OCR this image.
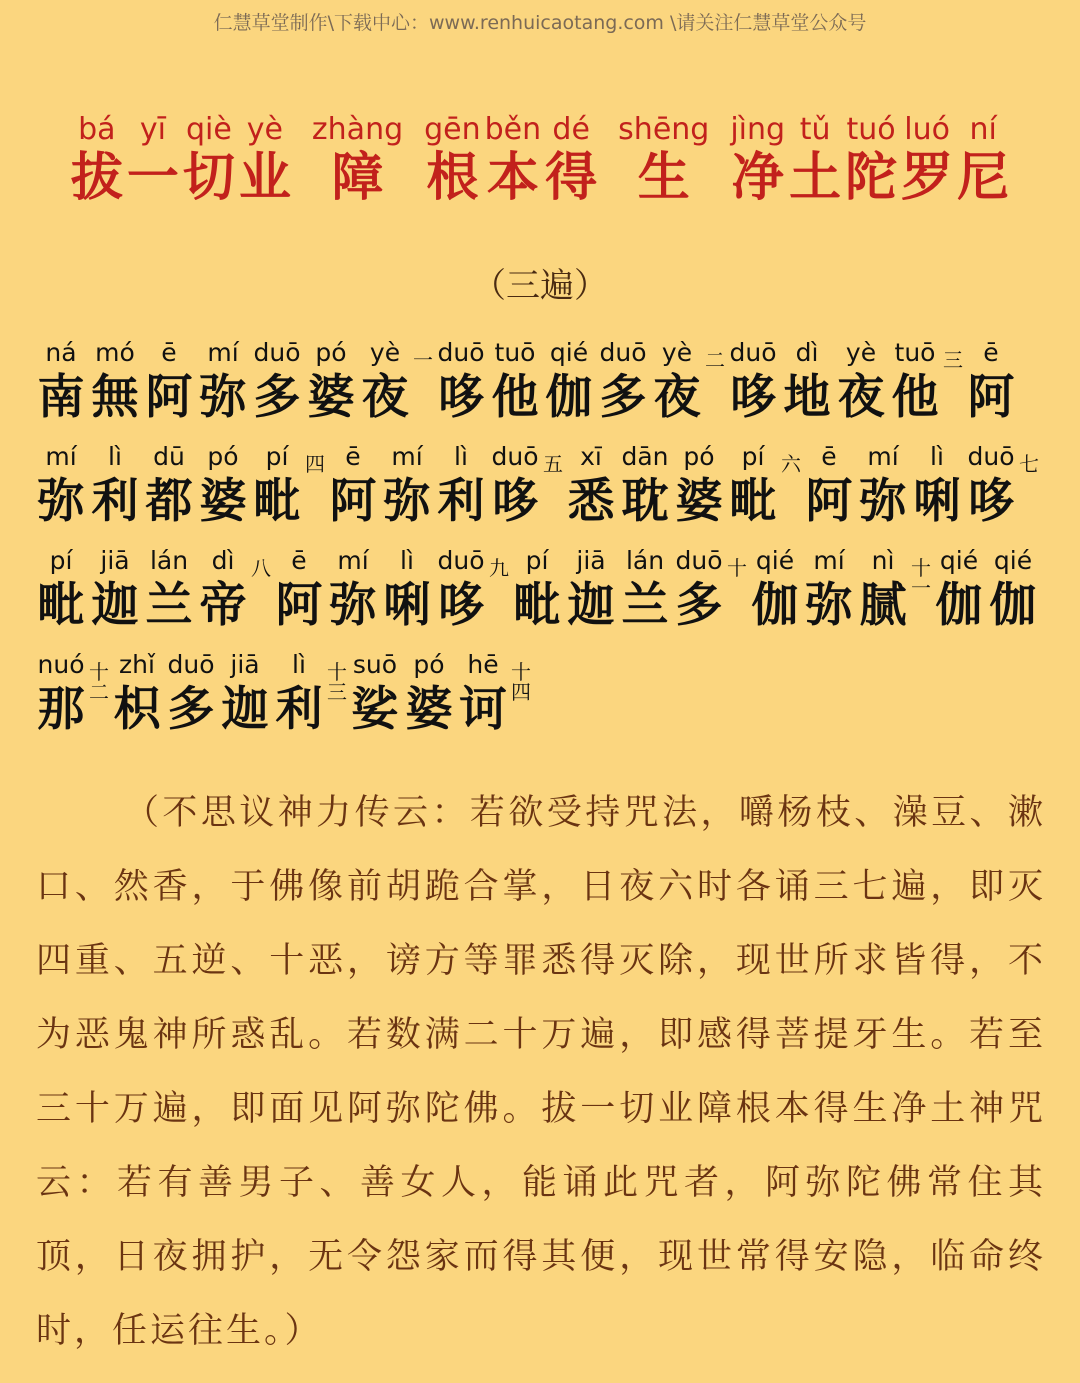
仁慧草堂制作\下载中心：www.renhuicaotang.com \请关注仁慧草堂公众号
bá
拔
yī
一
qiè
切
yè
业
zhàng
障
gēn
根
běn
本
dé
得
shēng
生
jìng
净
tǔ
土
tuó
陀
luó
罗
ní
尼
（三遍）
ná
南
mó
無
ē
阿
mí
弥
duō
多
pó
婆
yè
夜
一 duō
哆
tuō
他
qié
伽
duō
多
yè
夜
二 duō
哆
dì
地
yè
夜
tuō
他
三 ē
阿
mí
弥
lì
利
dū
都
pó
婆
pí
毗
四 ē
阿
mí
弥
lì
利
duō
哆
五 xī
悉
dān
耽
pó
婆
pí
毗
六 ē
阿
mí
弥
lì
唎
duō
哆
七
pí
毗
jiā
迦
lán
兰
dì
帝
八 ē
阿
mí
弥
lì
唎
duō
哆
九 pí
毗
jiā
迦
lán
兰
duō
多
十 qié
伽
mí
弥
nì
腻
十
一
qié
伽
qié
伽
nuó
那
十
二
zhǐ
枳
duō
多
jiā
迦
lì
利
十
三
suō
娑
pó
婆
hē
诃
十
四
（不思议神力传云：若欲受持咒法，嚼杨枝、澡豆、漱口、然香，于佛像前胡跪合掌，日夜六时各诵三七遍，即灭四重、五逆、十恶，谤方等罪悉得灭除，现世所求皆得，不为恶鬼神所惑乱。若数满二十万遍，即感得菩提牙生。若至三十万遍，即面见阿弥陀佛。拔一切业障根本得生净土神咒云：若有善男子、善女人，能诵此咒者，阿弥陀佛常住其顶，日夜拥护，无令怨家而得其便，现世常得安隐，临命终时，任运往生。）
